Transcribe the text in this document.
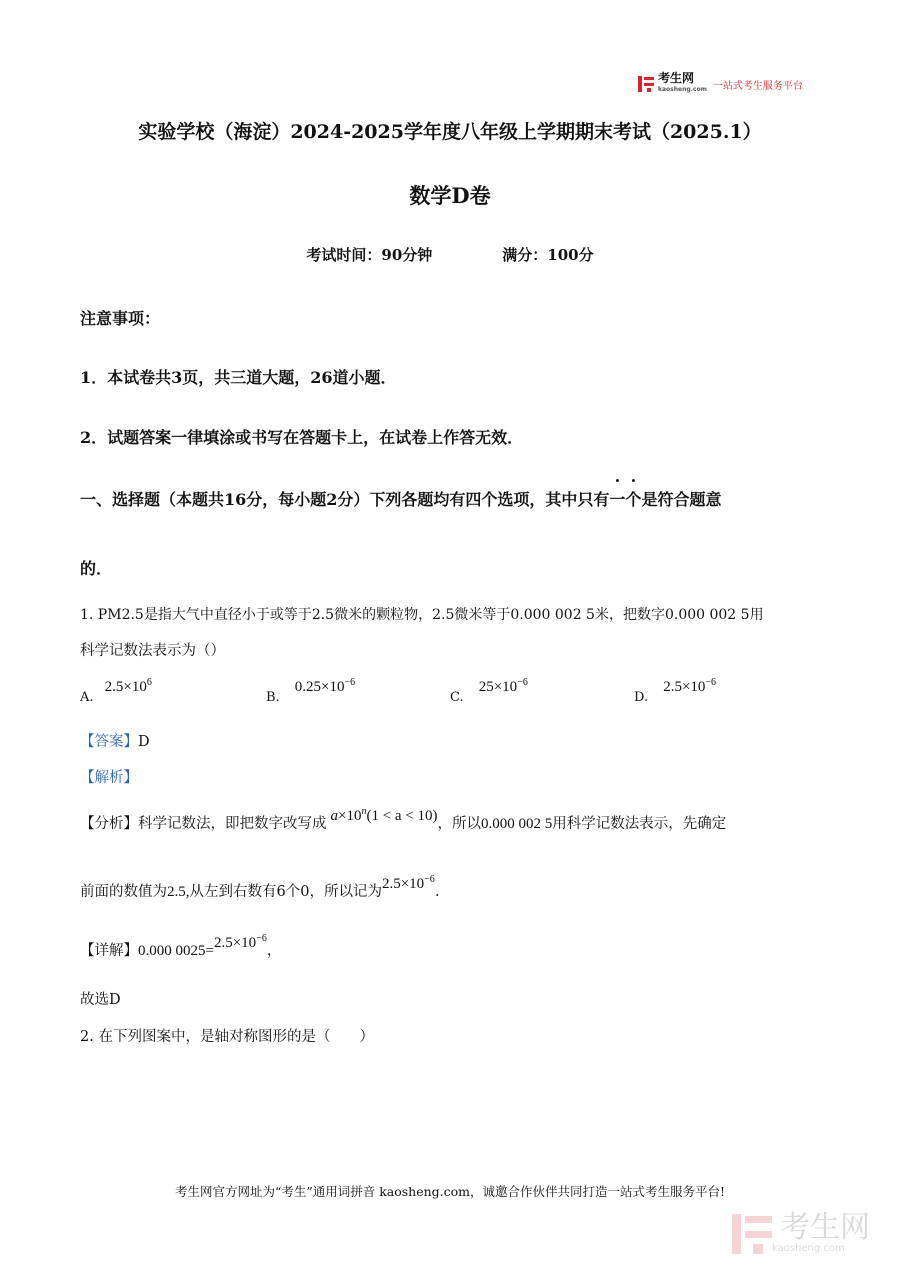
考生网
kaosheng.com 一站式考生服务平台
实验学校（海淀）2024-2025学年度八年级上学期期末考试（2025.1）
数学D卷
考试时间：90分钟	满分：100分
注意事项：
1．本试卷共3页，共三道大题，26道小题．
2．试题答案一律填涂或书写在答题卡上，在试卷上作答无效．
一、选择题（本题共16分，每小题2分）下列各题均有四个选项，其中只有一个是符合题意
的．
1. PM2.5是指大气中直径小于或等于2.5微米的颗粒物，2.5微米等于0.000 002 5米，把数字0.000 002 5用
科学记数法表示为（）
$_{A.}$ $2.5\times 10^6$
$_{B.}$ $0.25\times 10^{-6}$
$_{C.}$ $25\times 10^{-6}$
$_{D.}$ $2.5\times 10^{-6}$
【答案】D
【解析】
【分析】科学记数法，即把数字改写成 $a\times 10^n(1 < a < 10)$，所以0.000 002 5用科学记数法表示，先确定
前面的数值为2.5,从左到右数有6个0，所以记为$2.5\times 10^{-6}$.
【详解】0.000 $0025=2.5\times 10^{-6}$，
故选D
2. 在下列图案中，是轴对称图形的是（　　）
考生网官方网址为“考生”通用词拼音 kaosheng.com，诚邀合作伙伴共同打造一站式考生服务平台!
考生网
kaosheng.com
